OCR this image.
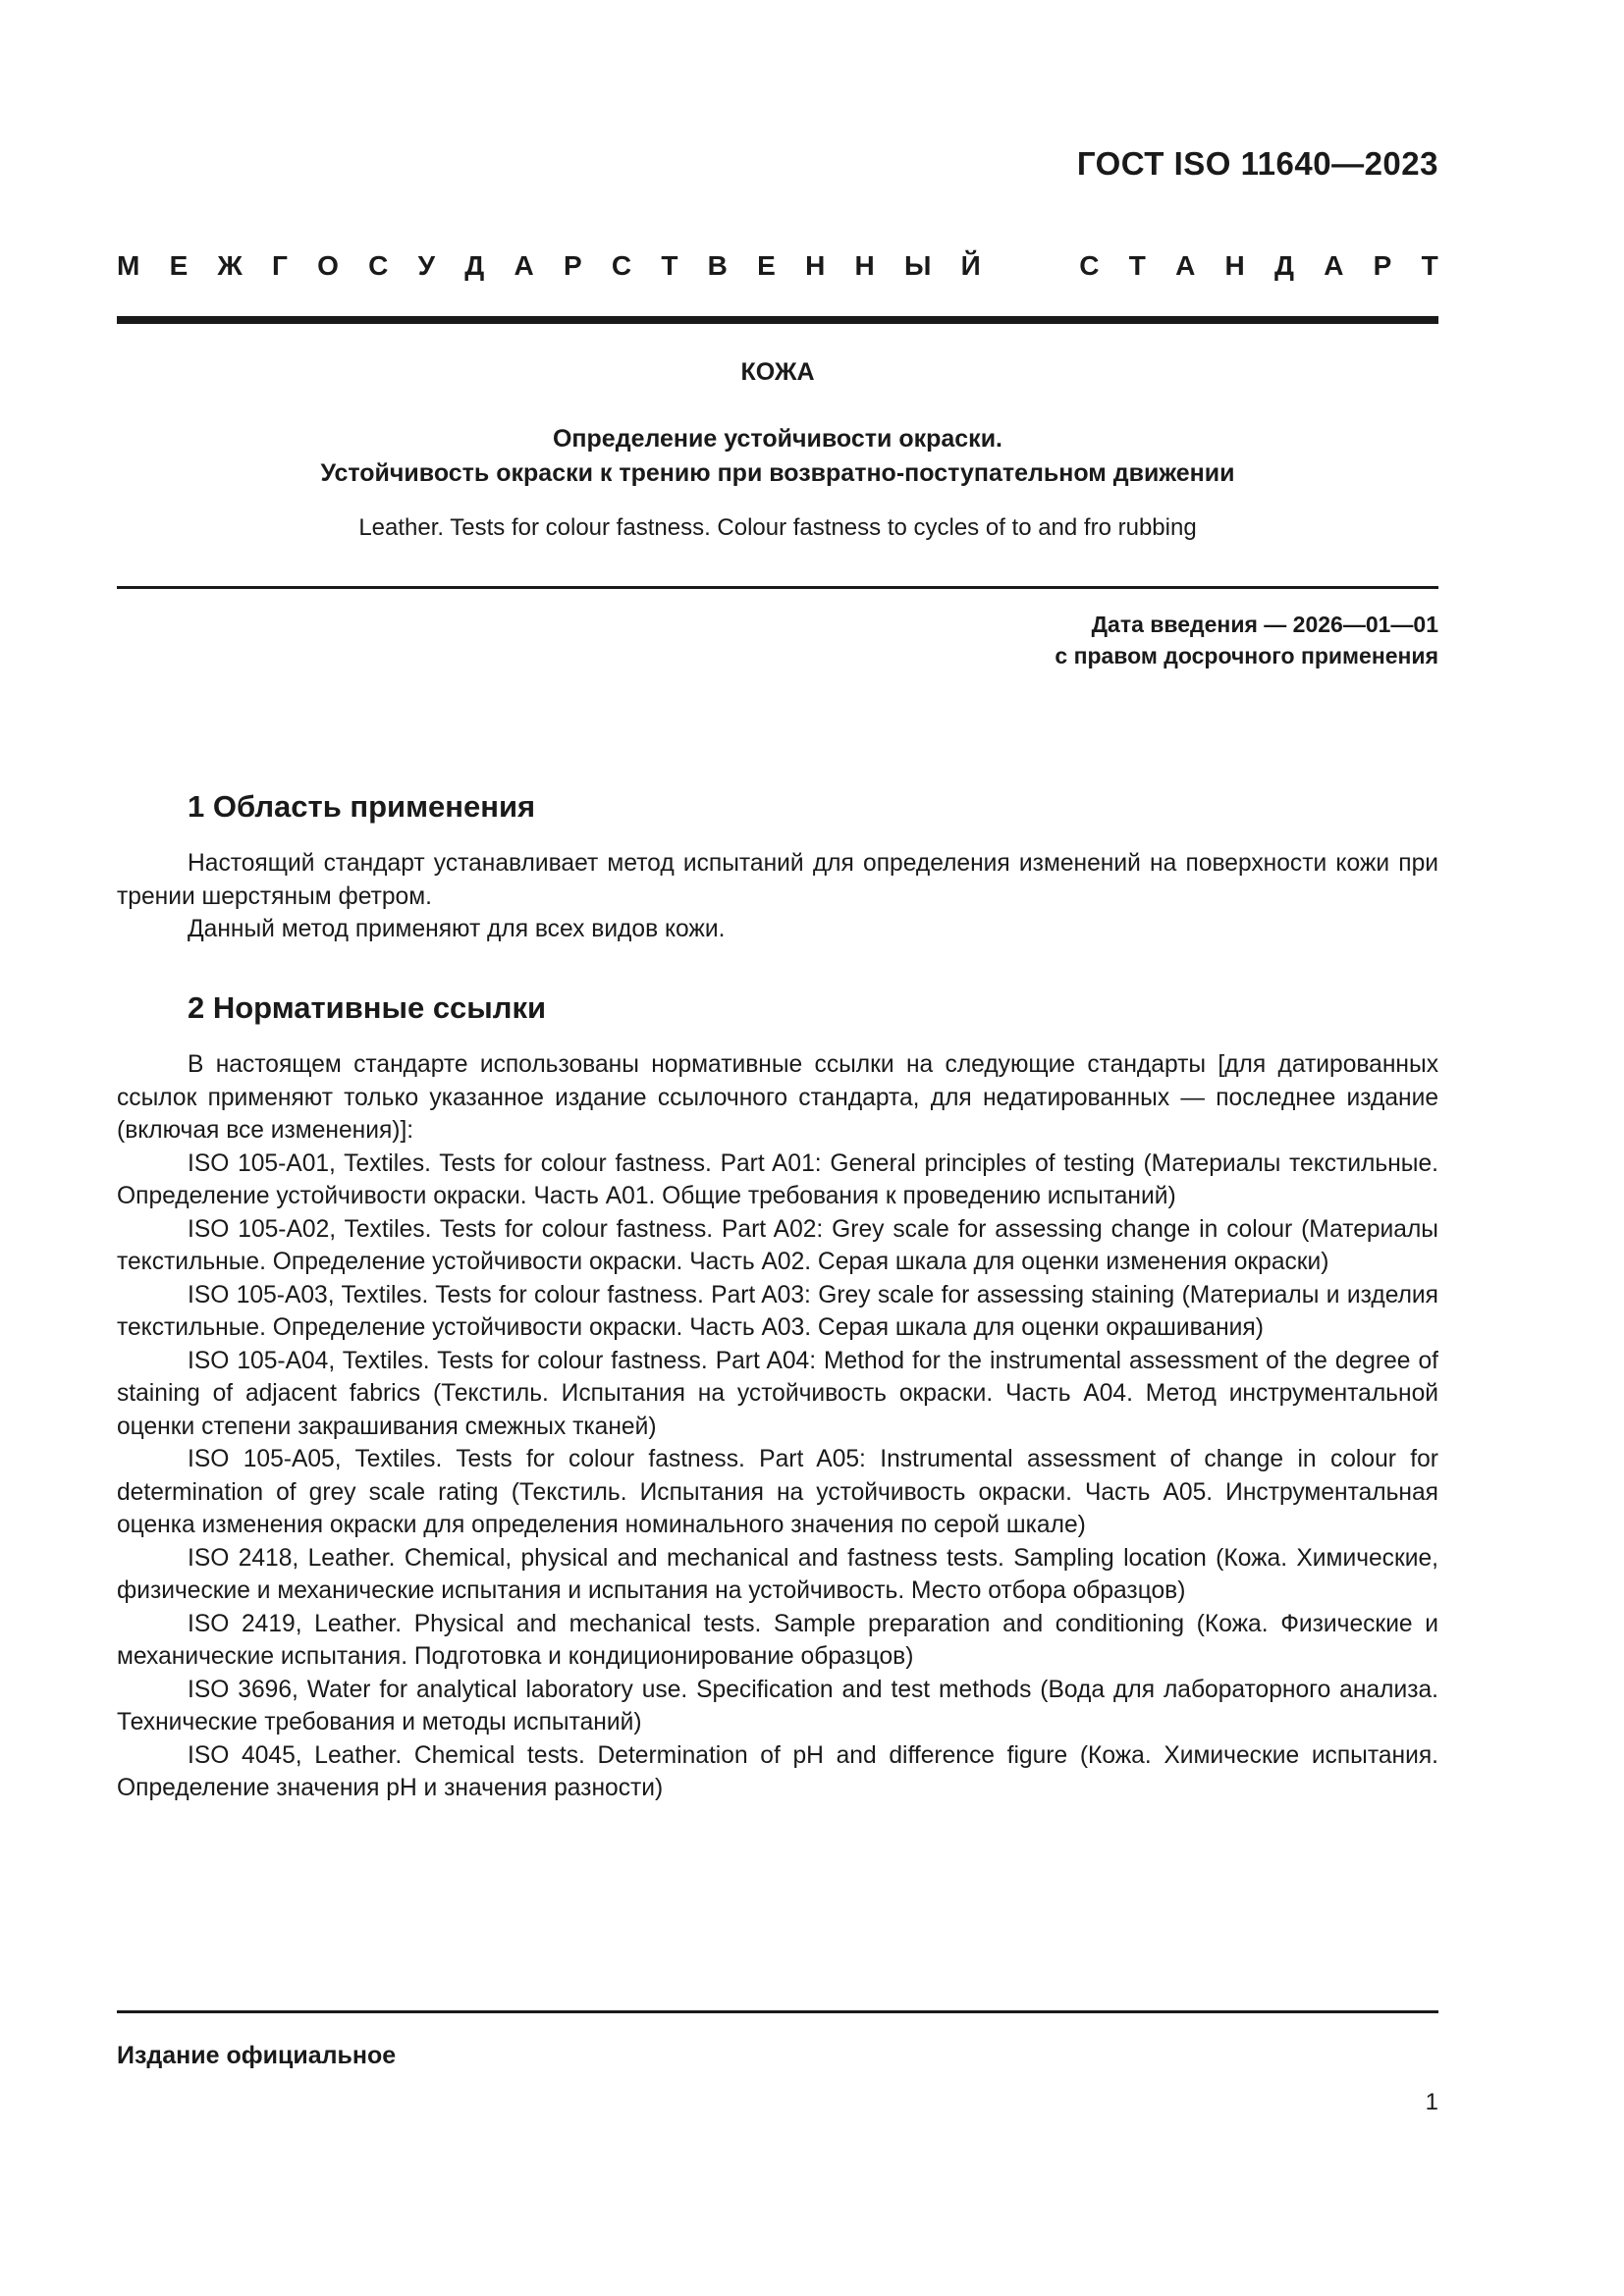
ГОСТ ISO 11640—2023
М Е Ж Г О С У Д А Р С Т В Е Н Н Ы Й	С Т А Н Д А Р Т
КОЖА
Определение устойчивости окраски.
Устойчивость окраски к трению при возвратно-поступательном движении
Leather. Tests for colour fastness. Colour fastness to cycles of to and fro rubbing
Дата введения — 2026—01—01
с правом досрочного применения
1 Область применения

Настоящий стандарт устанавливает метод испытаний для определения изменений на поверхности кожи при трении шерстяным фетром.

Данный метод применяют для всех видов кожи.

2 Нормативные ссылки

В настоящем стандарте использованы нормативные ссылки на следующие стандарты [для датированных ссылок применяют только указанное издание ссылочного стандарта, для недатированных — последнее издание (включая все изменения)]:

ISO 105-A01, Textiles. Tests for colour fastness. Part A01: General principles of testing (Материалы текстильные. Определение устойчивости окраски. Часть А01. Общие требования к проведению испытаний)

ISO 105-A02, Textiles. Tests for colour fastness. Part A02: Grey scale for assessing change in colour (Материалы текстильные. Определение устойчивости окраски. Часть А02. Серая шкала для оценки изменения окраски)

ISO 105-A03, Textiles. Tests for colour fastness. Part A03: Grey scale for assessing staining (Материалы и изделия текстильные. Определение устойчивости окраски. Часть А03. Серая шкала для оценки окрашивания)

ISO 105-A04, Textiles. Tests for colour fastness. Part A04: Method for the instrumental assessment of the degree of staining of adjacent fabrics (Текстиль. Испытания на устойчивость окраски. Часть А04. Метод инструментальной оценки степени закрашивания смежных тканей)

ISO 105-A05, Textiles. Tests for colour fastness. Part A05: Instrumental assessment of change in colour for determination of grey scale rating (Текстиль. Испытания на устойчивость окраски. Часть А05. Инструментальная оценка изменения окраски для определения номинального значения по серой шкале)

ISO 2418, Leather. Chemical, physical and mechanical and fastness tests. Sampling location (Кожа. Химические, физические и механические испытания и испытания на устойчивость. Место отбора образцов)

ISO 2419, Leather. Physical and mechanical tests. Sample preparation and conditioning (Кожа. Физические и механические испытания. Подготовка и кондиционирование образцов)

ISO 3696, Water for analytical laboratory use. Specification and test methods (Вода для лабораторного анализа. Технические требования и методы испытаний)

ISO 4045, Leather. Chemical tests. Determination of pH and difference figure (Кожа. Химические испытания. Определение значения pH и значения разности)

Издание официальное
1
